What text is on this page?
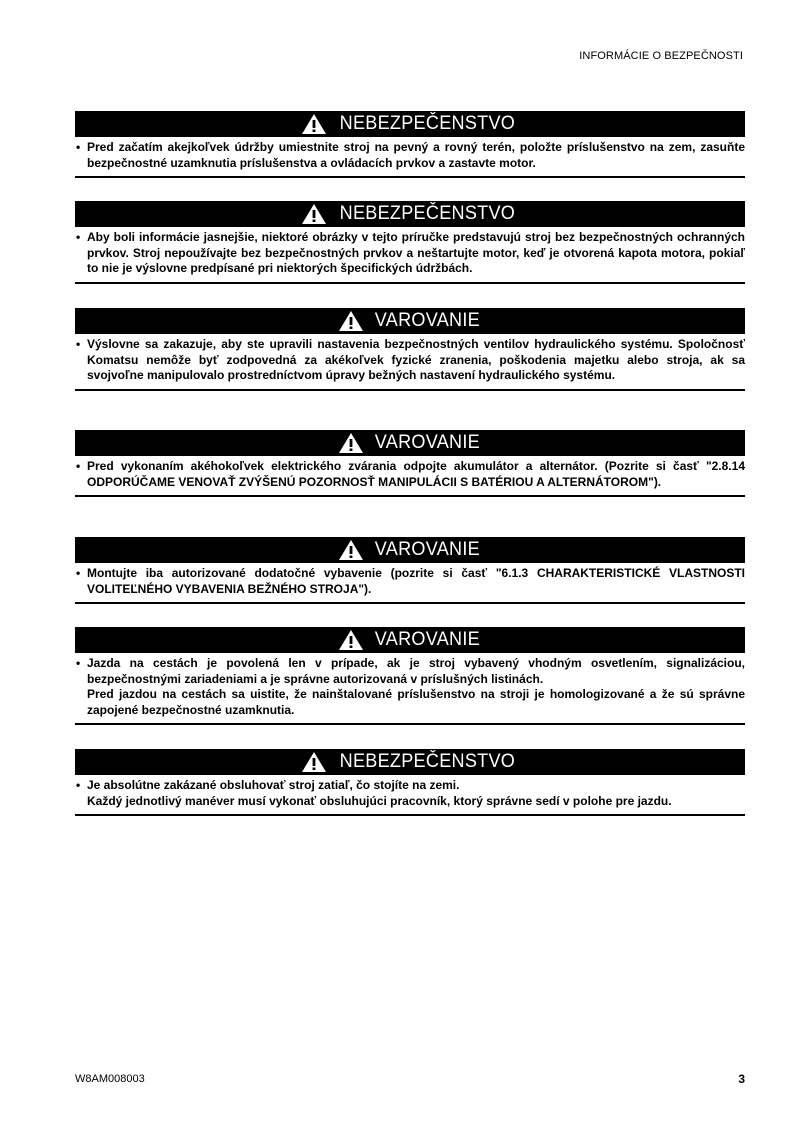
INFORMÁCIE O BEZPEČNOSTI
NEBEZPEČENSTVO
• Pred začatím akejkoľvek údržby umiestnite stroj na pevný a rovný terén, položte príslušenstvo na zem, zasuňte bezpečnostné uzamknutia príslušenstva a ovládacích prvkov a zastavte motor.

NEBEZPEČENSTVO
• Aby boli informácie jasnejšie, niektoré obrázky v tejto príručke predstavujú stroj bez bezpečnostných ochranných prvkov. Stroj nepoužívajte bez bezpečnostných prvkov a neštartujte motor, keď je otvorená kapota motora, pokiaľ to nie je výslovne predpísané pri niektorých špecifických údržbách.

VAROVANIE
• Výslovne sa zakazuje, aby ste upravili nastavenia bezpečnostných ventilov hydraulického systému. Spoločnosť Komatsu nemôže byť zodpovedná za akékoľvek fyzické zranenia, poškodenia majetku alebo stroja, ak sa svojvoľne manipulovalo prostredníctvom úpravy bežných nastavení hydraulického systému.

VAROVANIE
• Pred vykonaním akéhokoľvek elektrického zvárania odpojte akumulátor a alternátor. (Pozrite si časť "2.8.14 ODPORÚČAME VENOVAŤ ZVÝŠENÚ POZORNOSŤ MANIPULÁCII S BATÉRIOU A ALTERNÁTOROM").

VAROVANIE
• Montujte iba autorizované dodatočné vybavenie (pozrite si časť "6.1.3 CHARAKTERISTICKÉ VLASTNOSTI VOLITEĽNÉHO VYBAVENIA BEŽNÉHO STROJA").

VAROVANIE
• Jazda na cestách je povolená len v prípade, ak je stroj vybavený vhodným osvetlením, signalizáciou, bezpečnostnými zariadeniami a je správne autorizovaná v príslušných listinách.

Pred jazdou na cestách sa uistite, že nainštalované príslušenstvo na stroji je homologizované a že sú správne zapojené bezpečnostné uzamknutia.

NEBEZPEČENSTVO
• Je absolútne zakázané obsluhovať stroj zatiaľ, čo stojíte na zemi.

Každý jednotlivý manéver musí vykonať obsluhujúci pracovník, ktorý správne sedí v polohe pre jazdu.

W8AM008003	3
